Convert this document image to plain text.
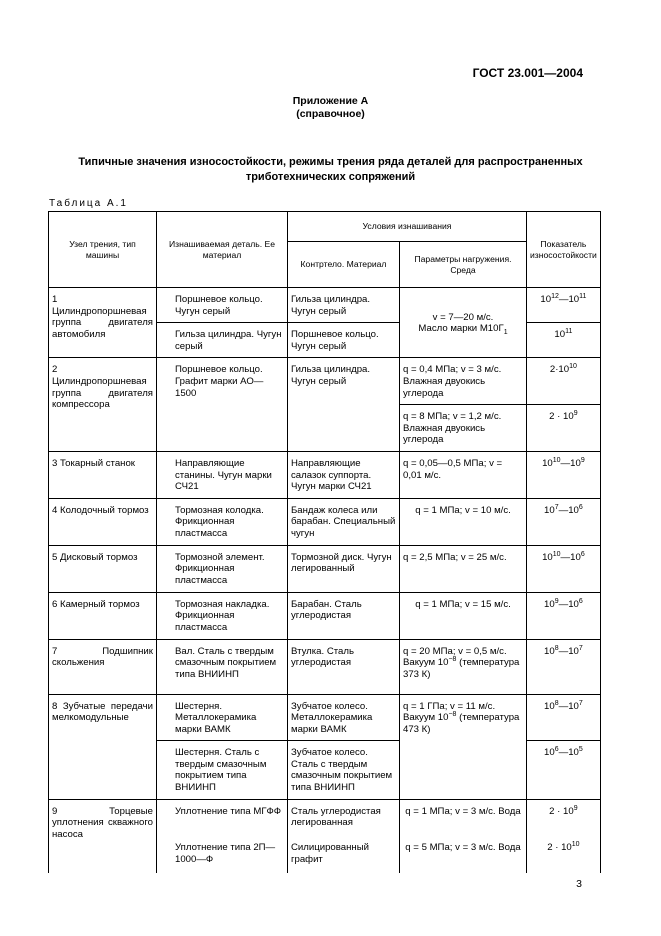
ГОСТ 23.001—2004
Приложение А
(справочное)
Типичные значения износостойкости, режимы трения ряда деталей для распространенных
триботехнических сопряжений
Таблица А.1
Узел трения, тип машины	Изнашиваемая деталь. Ее материал	Условия изнашивания		Показатель износостойкости
		Контртело. Материал	Параметры нагружения. Среда	
1 Цилиндропоршневая группа двигателя автомобиля	Поршневое кольцо. Чугун серый	Гильза цилиндра. Чугун серый	v = 7—20 м/с.
Масло марки $М10Г_1$	$10^{12}—10^{11}$
	Гильза цилиндра. Чугун серый	Поршневое кольцо. Чугун серый		$10^{11}$
2 Цилиндропоршневая группа двигателя компрессора	Поршневое кольцо. Графит марки АО—1500	Гильза цилиндра. Чугун серый	q = 0,4 МПа; v = 3 м/с. Влажная двуокись углерода	$2\cdot 10^{10}$
			q = 8 МПа; v = 1,2 м/с. Влажная двуокись углерода	$2 \cdot 10^9$
3 Токарный станок	Направляющие станины. Чугун марки СЧ21	Направляющие салазок суппорта. Чугун марки СЧ21	q = 0,05—0,5 МПа; v = 0,01 м/с.	$10^{10}—10^9$
4 Колодочный тормоз	Тормозная колодка. Фрикционная пластмасса	Бандаж колеса или барабан. Специальный чугун	q = 1 МПа; v = 10 м/с.	$10^7—10^6$
5 Дисковый тормоз	Тормозной элемент. Фрикционная пластмасса	Тормозной диск. Чугун легированный	q = 2,5 МПа; v = 25 м/с.	$10^{10}—10^6$
6 Камерный тормоз	Тормозная накладка. Фрикционная пластмасса	Барабан. Сталь углеродистая	q = 1 МПа; v = 15 м/с.	$10^9—10^6$
7 Подшипник скольжения	Вал. Сталь с твердым смазочным покрытием типа ВНИИНП	Втулка. Сталь углеродистая	q = 20 МПа; v = 0,5 м/с.
Вакуум $10^{-8}$ (температура 373 К)	$10^8—10^7$
8 Зубчатые передачи мелкомодульные	Шестерня. Металлокерамика марки ВАМК	Зубчатое колесо. Металлокерамика марки ВАМК	q = 1 ГПа; v = 11 м/с.
Вакуум $10^{-8}$ (температура 473 К)	$10^8—10^7$
	Шестерня. Сталь с твердым смазочным покрытием типа ВНИИНП	Зубчатое колесо. Сталь с твердым смазочным покрытием типа ВНИИНП		$10^6—10^5$
9 Торцевые уплотнения скважного насоса	Уплотнение типа МГФФ	Сталь углеродистая легированная	q = 1 МПа; v = 3 м/с. Вода	$2 \cdot 10^9$
	Уплотнение типа 2П—1000—Ф	Силицированный графит	q = 5 МПа; v = 3 м/с. Вода	$2 \cdot 10^{10}$
3
